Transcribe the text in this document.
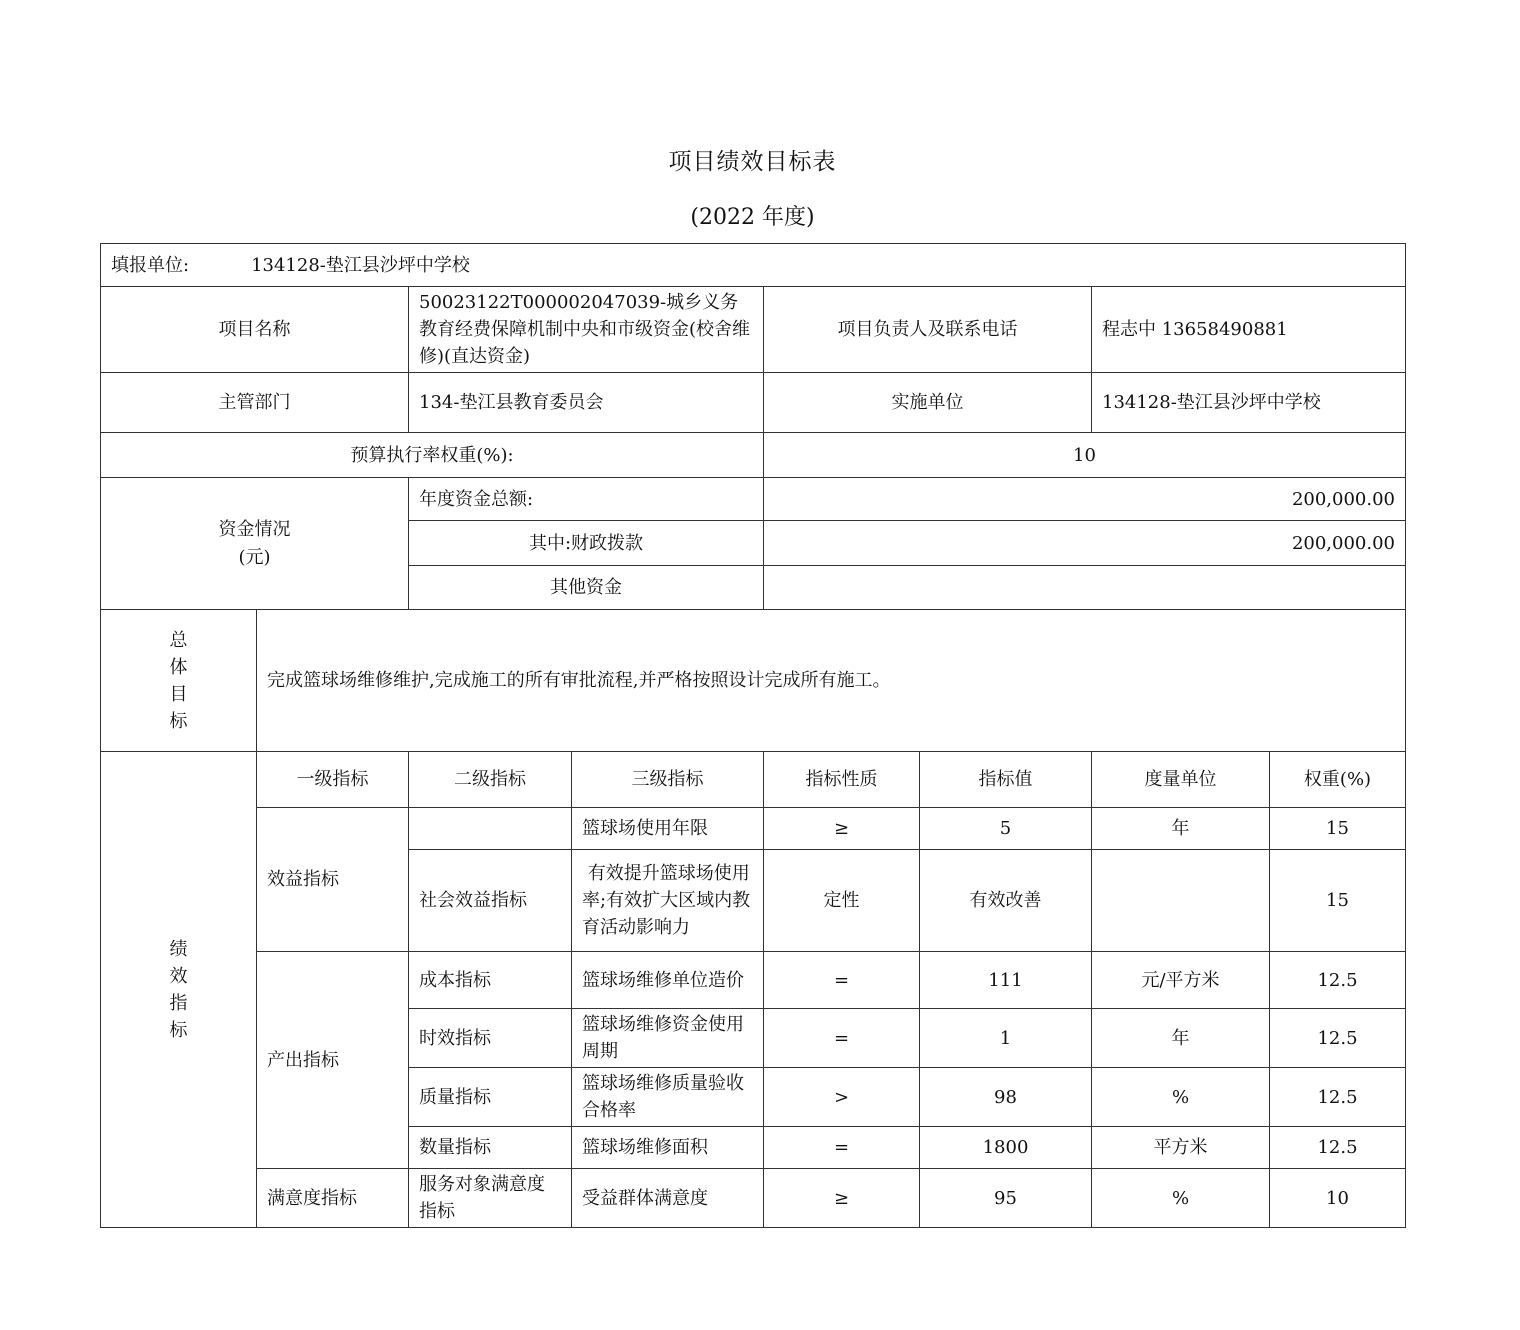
项目绩效目标表
(2022 年度)
填报单位: 134128-垫江县沙坪中学校							
项目名称		50023122T000002047039-城乡义务教育经费保障机制中央和市级资金(校舍维修)(直达资金)		项目负责人及联系电话		程志中 13658490881	
主管部门		134-垫江县教育委员会		实施单位		134128-垫江县沙坪中学校	
预算执行率权重(%):				10			

资金情况
(元)		年度资金总额:		200,000.00			
		其中:财政拨款		200,000.00			
		其他资金					

总
体
目
标	完成篮球场维修维护,完成施工的所有审批流程,并严格按照设计完成所有施工。						

绩
效
指
标	一级指标	二级指标	三级指标	指标性质	指标值	度量单位	权重(%)
	效益指标		篮球场使用年限	≥	5	年	15
		社会效益指标	有效提升篮球场使用率;有效扩大区域内教育活动影响力	定性	有效改善		15
	产出指标	成本指标	篮球场维修单位造价	=	111	元/平方米	12.5
		时效指标	篮球场维修资金使用周期	=	1	年	12.5
		质量指标	篮球场维修质量验收合格率	>	98	%	12.5
		数量指标	篮球场维修面积	=	1800	平方米	12.5
	满意度指标	服务对象满意度指标	受益群体满意度	≥	95	%	10
